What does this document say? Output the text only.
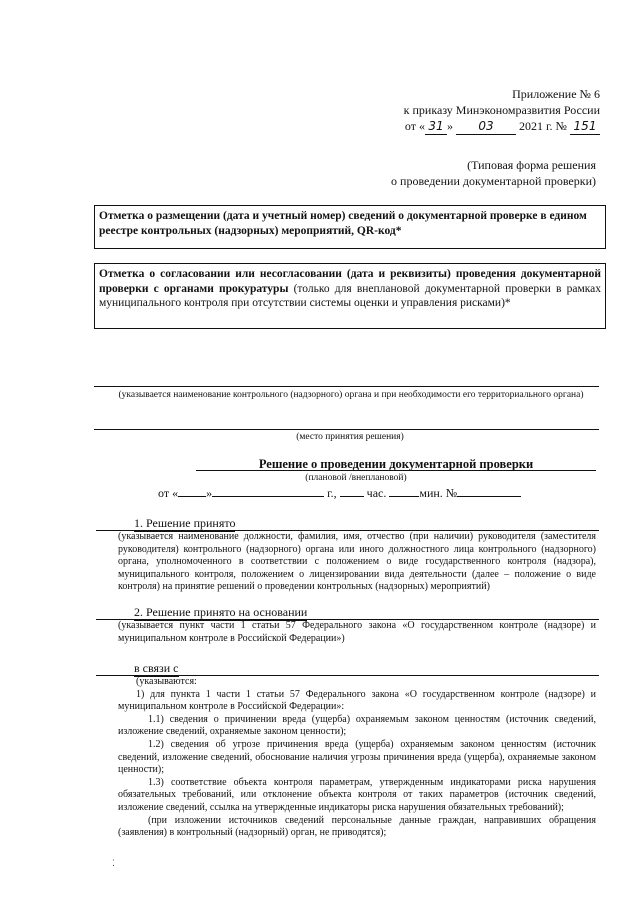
Приложение № 6
к приказу Минэкономразвития России
от « 31 » 03 2021 г. № 151
(Типовая форма решения
о проведении документарной проверки)
Отметка о размещении (дата и учетный номер) сведений о документарной проверке в едином реестре контрольных (надзорных) мероприятий, QR-код*
Отметка о согласовании или несогласовании (дата и реквизиты) проведения документарной проверки с органами прокуратуры (только для внеплановой документарной проверки в рамках муниципального контроля при отсутствии системы оценки и управления рисками)*
(указывается наименование контрольного (надзорного) органа и при необходимости его территориального органа)
(место принятия решения)
Решение о проведении документарной проверки
(плановой /внеплановой)
от « »	г.,	час.	мин. №
1. Решение принято

(указывается наименование должности, фамилия, имя, отчество (при наличии) руководителя (заместителя руководителя) контрольного (надзорного) органа или иного должностного лица контрольного (надзорного) органа, уполномоченного в соответствии с положением о виде государственного контроля (надзора), муниципального контроля, положением о лицензировании вида деятельности (далее – положение о виде контроля) на принятие решений о проведении контрольных (надзорных) мероприятий)

2. Решение принято на основании

(указывается пункт части 1 статьи 57 Федерального закона «О государственном контроле (надзоре) и муниципальном контроле в Российской Федерации»)

в связи с

(указываются:

1) для пункта 1 части 1 статьи 57 Федерального закона «О государственном контроле (надзоре) и муниципальном контроле в Российской Федерации»:

1.1) сведения о причинении вреда (ущерба) охраняемым законом ценностям (источник сведений, изложение сведений, охраняемые законом ценности);

1.2) сведения об угрозе причинения вреда (ущерба) охраняемым законом ценностям (источник сведений, изложение сведений, обоснование наличия угрозы причинения вреда (ущерба), охраняемые законом ценности);

1.3) соответствие объекта контроля параметрам, утвержденным индикаторами риска нарушения обязательных требований, или отклонение объекта контроля от таких параметров (источник сведений, изложение сведений, ссылка на утвержденные индикаторы риска нарушения обязательных требований);

(при изложении источников сведений персональные данные граждан, направивших обращения (заявления) в контрольный (надзорный) орган, не приводятся);

⁚
